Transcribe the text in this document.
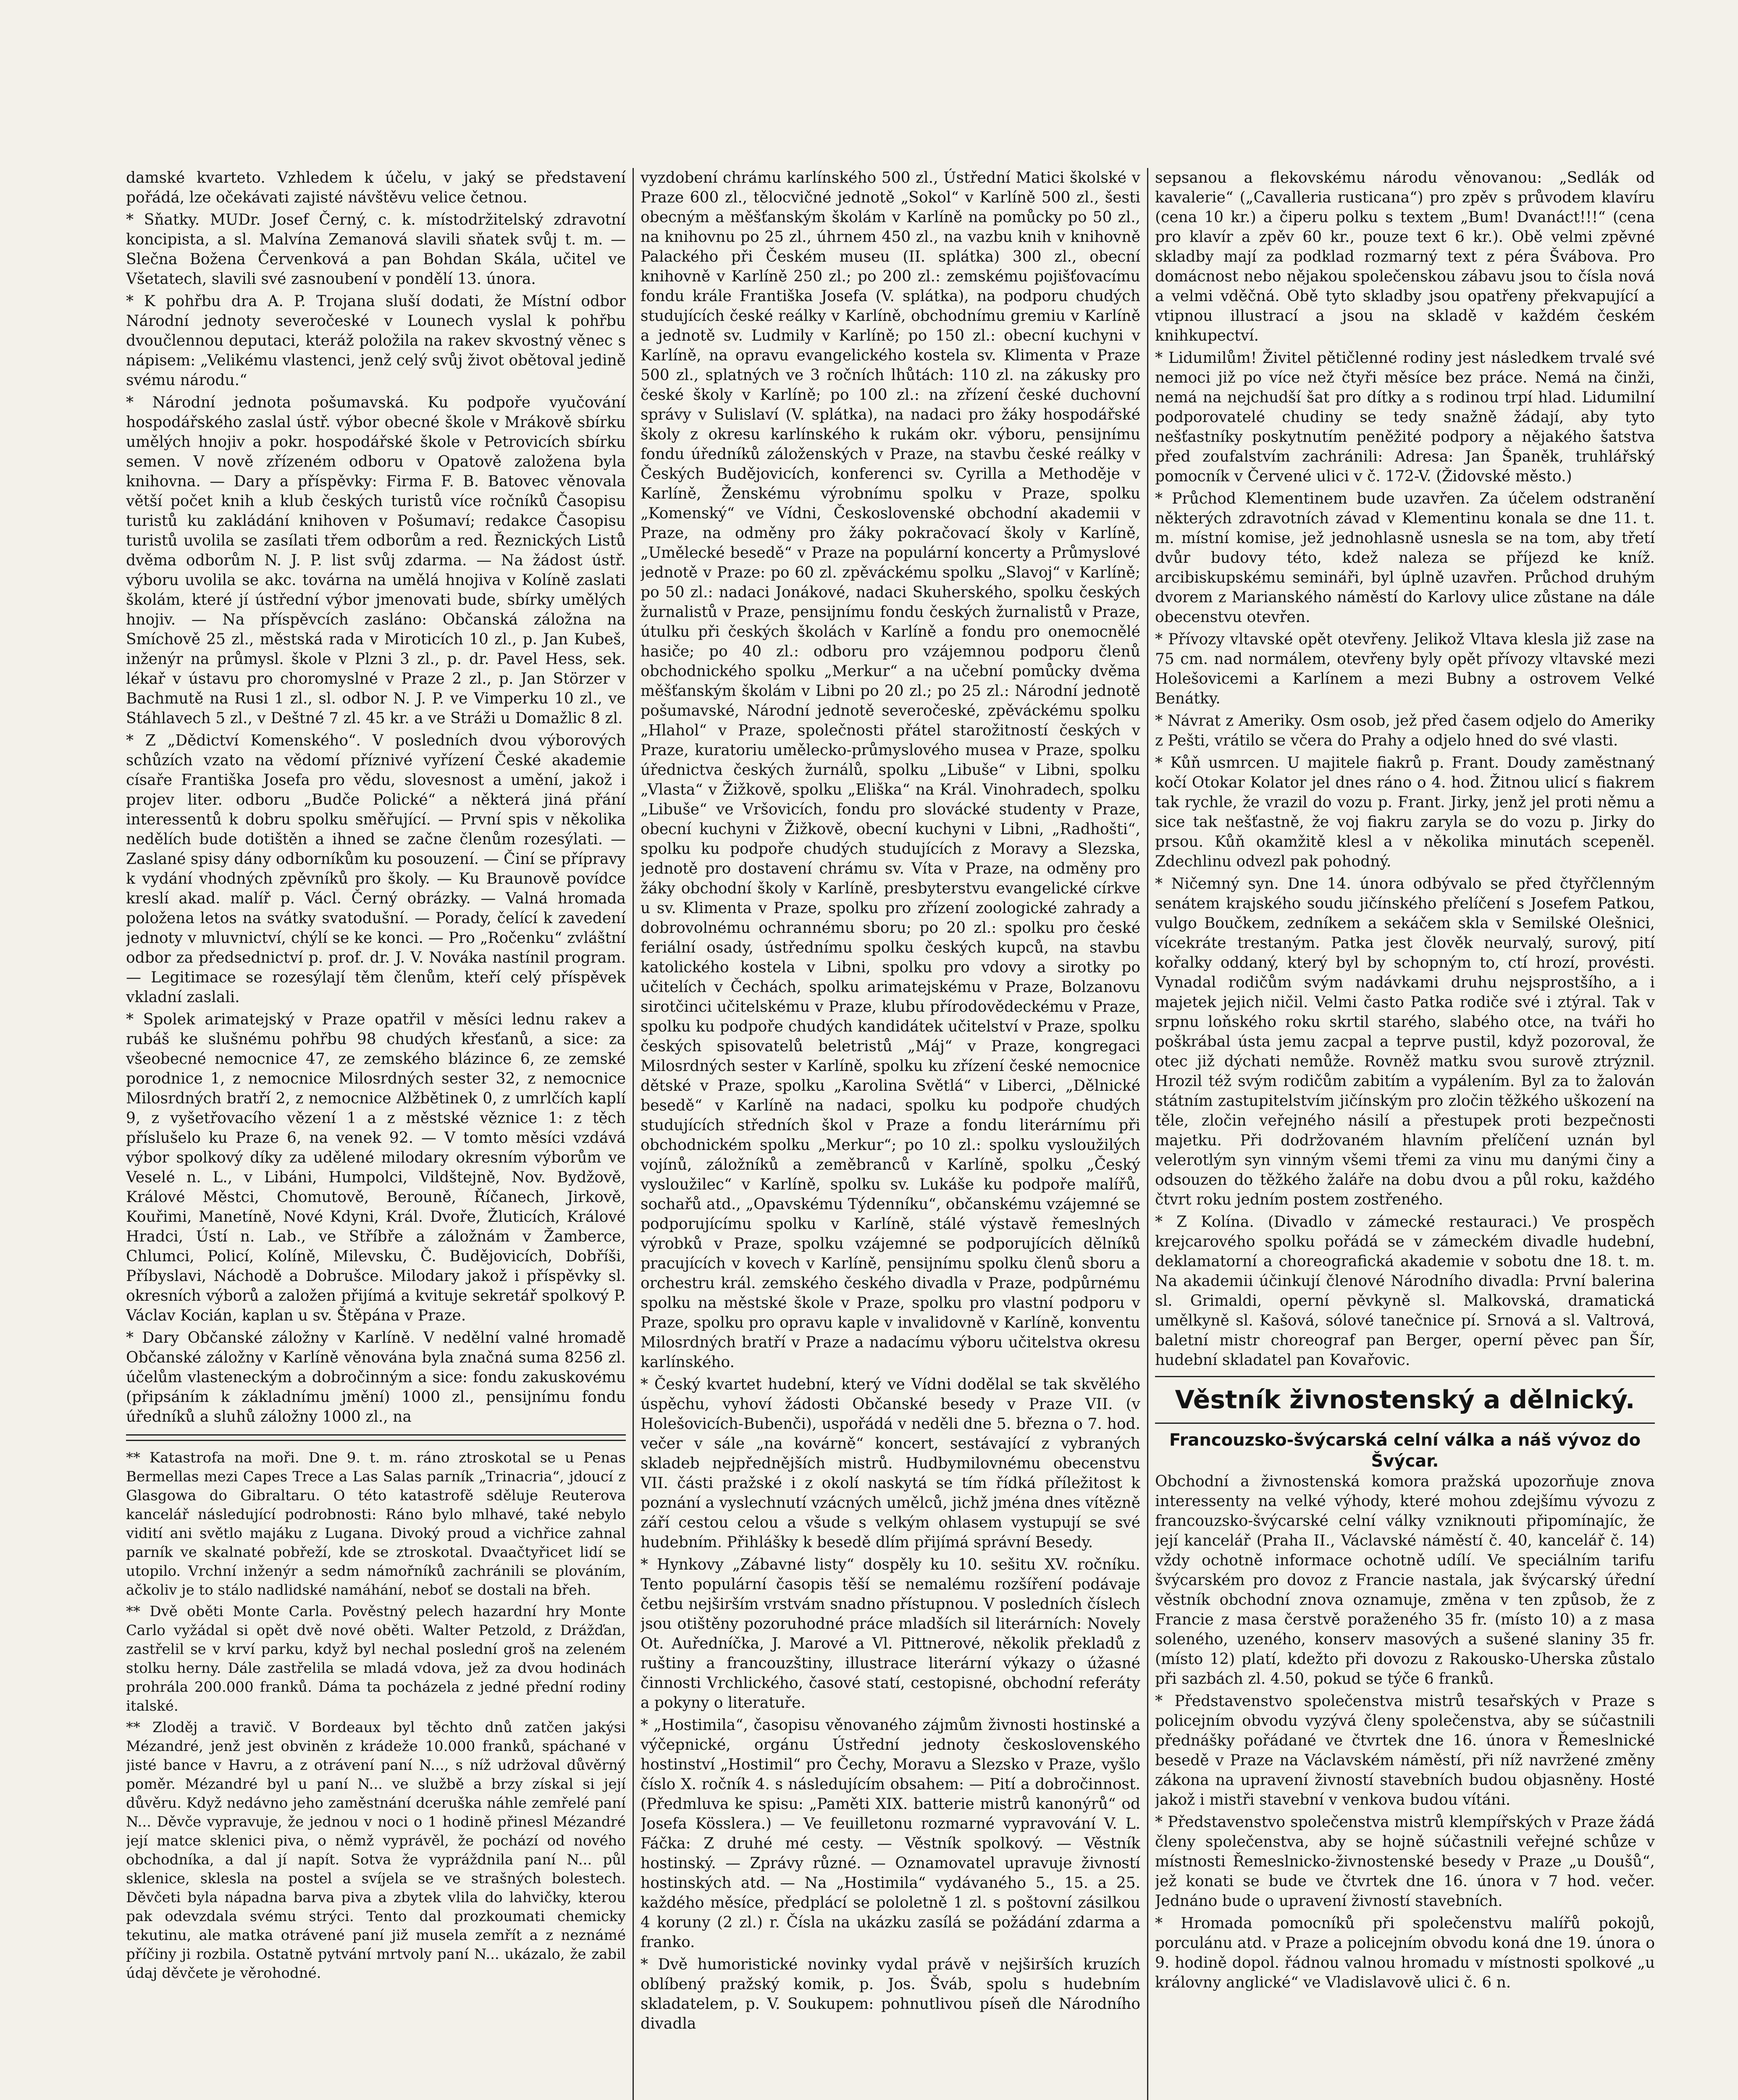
damské kvarteto. Vzhledem k účelu, v jaký se představení pořádá, lze očekávati zajisté návštěvu velice četnou.

* Sňatky. MUDr. Josef Černý, c. k. místodržitelský zdravotní koncipista, a sl. Malvína Zemanová slavili sňatek svůj t. m. — Slečna Božena Červenková a pan Bohdan Skála, učitel ve Všetatech, slavili své zasnoubení v pondělí 13. února.

* K pohřbu dra A. P. Trojana sluší dodati, že Místní odbor Národní jednoty severočeské v Lounech vyslal k pohřbu dvoučlennou deputaci, kteráž položila na rakev skvostný věnec s nápisem: „Velikému vlastenci, jenž celý svůj život obětoval jedině svému národu.“

* Národní jednota pošumavská. Ku podpoře vyučování hospodářského zaslal ústř. výbor obecné škole v Mrákově sbírku umělých hnojiv a pokr. hospodářské škole v Petrovicích sbírku semen. V nově zřízeném odboru v Opatově založena byla knihovna. — Dary a příspěvky: Firma F. B. Batovec věnovala větší počet knih a klub českých turistů více ročníků Časopisu turistů ku zakládání knihoven v Pošumaví; redakce Časopisu turistů uvolila se zasílati třem odborům a red. Řeznických Listů dvěma odborům N. J. P. list svůj zdarma. — Na žádost ústř. výboru uvolila se akc. továrna na umělá hnojiva v Kolíně zaslati školám, které jí ústřední výbor jmenovati bude, sbírky umělých hnojiv. — Na příspěvcích zasláno: Občanská záložna na Smíchově 25 zl., městská rada v Miroticích 10 zl., p. Jan Kubeš, inženýr na průmysl. škole v Plzni 3 zl., p. dr. Pavel Hess, sek. lékař v ústavu pro choromyslné v Praze 2 zl., p. Jan Störzer v Bachmutě na Rusi 1 zl., sl. odbor N. J. P. ve Vimperku 10 zl., ve Stáhlavech 5 zl., v Deštné 7 zl. 45 kr. a ve Stráži u Domažlic 8 zl.

* Z „Dědictví Komenského“. V posledních dvou výborových schůzích vzato na vědomí příznivé vyřízení České akademie císaře Františka Josefa pro vědu, slovesnost a umění, jakož i projev liter. odboru „Budče Polické“ a některá jiná přání interessentů k dobru spolku směřující. — První spis v několika nedělích bude dotištěn a ihned se začne členům rozesýlati. — Zaslané spisy dány odborníkům ku posouzení. — Činí se přípravy k vydání vhodných zpěvníků pro školy. — Ku Braunově povídce kreslí akad. malíř p. Václ. Černý obrázky. — Valná hromada položena letos na svátky svatodušní. — Porady, čelící k zavedení jednoty v mluvnictví, chýlí se ke konci. — Pro „Ročenku“ zvláštní odbor za předsednictví p. prof. dr. J. V. Nováka nastínil program. — Legitimace se rozesýlají těm členům, kteří celý příspěvek vkladní zaslali.

* Spolek arimatejský v Praze opatřil v měsíci lednu rakev a rubáš ke slušnému pohřbu 98 chudých křesťanů, a sice: za všeobecné nemocnice 47, ze zemského blázince 6, ze zemské porodnice 1, z nemocnice Milosrdných sester 32, z nemocnice Milosrdných bratří 2, z nemocnice Alžbětinek 0, z umrlčích kaplí 9, z vyšetřovacího vězení 1 a z městské věznice 1: z těch příslušelo ku Praze 6, na venek 92. — V tomto měsíci vzdává výbor spolkový díky za udělené milodary okresním výborům ve Veselé n. L., v Libáni, Humpolci, Vildštejně, Nov. Bydžově, Králové Městci, Chomutově, Berouně, Říčanech, Jirkově, Kouřimi, Manetíně, Nové Kdyni, Král. Dvoře, Žluticích, Králové Hradci, Ústí n. Lab., ve Stříbře a záložnám v Žamberce, Chlumci, Policí, Kolíně, Milevsku, Č. Budějovicích, Dobříši, Příbyslavi, Náchodě a Dobrušce. Milodary jakož i příspěvky sl. okresních výborů a založen přijímá a kvituje sekretář spolkový P. Václav Kocián, kaplan u sv. Štěpána v Praze.

* Dary Občanské záložny v Karlíně. V nedělní valné hromadě Občanské záložny v Karlíně věnována byla značná suma 8256 zl. účelům vlasteneckým a dobročinným a sice: fondu zakuskovému (připsáním k základnímu jmění) 1000 zl., pensijnímu fondu úředníků a sluhů záložny 1000 zl., na

** Katastrofa na moři. Dne 9. t. m. ráno ztroskotal se u Penas Bermellas mezi Capes Trece a Las Salas parník „Trinacria“, jdoucí z Glasgowa do Gibraltaru. O této katastrofě sděluje Reuterova kancelář následující podrobnosti: Ráno bylo mlhavé, také nebylo vidití ani světlo majáku z Lugana. Divoký proud a vichřice zahnal parník ve skalnaté pobřeží, kde se ztroskotal. Dvaačtyřicet lidí se utopilo. Vrchní inženýr a sedm námořníků zachránili se plováním, ačkoliv je to stálo nadlidské namáhání, neboť se dostali na břeh.

** Dvě oběti Monte Carla. Pověstný pelech hazardní hry Monte Carlo vyžádal si opět dvě nové oběti. Walter Petzold, z Drážďan, zastřelil se v krví parku, když byl nechal poslední groš na zeleném stolku herny. Dále zastřelila se mladá vdova, jež za dvou hodinách prohrála 200.000 franků. Dáma ta pocházela z jedné přední rodiny italské.

** Zloděj a travič. V Bordeaux byl těchto dnů zatčen jakýsi Mézandré, jenž jest obviněn z krádeže 10.000 franků, spáchané v jisté bance v Havru, a z otrávení paní N..., s níž udržoval důvěrný poměr. Mézandré byl u paní N... ve službě a brzy získal si její důvěru. Když nedávno jeho zaměstnání dceruška náhle zemřelé paní N... Děvče vypravuje, že jednou v noci o 1 hodině přinesl Mézandré její matce sklenici piva, o němž vyprávěl, že pochází od nového obchodníka, a dal jí napít. Sotva že vypráždnila paní N... půl sklenice, sklesla na postel a svíjela se ve strašných bolestech. Děvčeti byla nápadna barva piva a zbytek vlila do lahvičky, kterou pak odevzdala svému strýci. Tento dal prozkoumati chemicky tekutinu, ale matka otrávené paní již musela zemřít a z neznámé příčiny ji rozbila. Ostatně pytvání mrtvoly paní N... ukázalo, že zabil údaj děvčete je věrohodné.

vyzdobení chrámu karlínského 500 zl., Ústřední Matici školské v Praze 600 zl., tělocvičné jednotě „Sokol“ v Karlíně 500 zl., šesti obecným a měšťanským školám v Karlíně na pomůcky po 50 zl., na knihovnu po 25 zl., úhrnem 450 zl., na vazbu knih v knihovně Palackého při Českém museu (II. splátka) 300 zl., obecní knihovně v Karlíně 250 zl.; po 200 zl.: zemskému pojišťovacímu fondu krále Františka Josefa (V. splátka), na podporu chudých studujících české reálky v Karlíně, obchodnímu gremiu v Karlíně a jednotě sv. Ludmily v Karlíně; po 150 zl.: obecní kuchyni v Karlíně, na opravu evangelického kostela sv. Klimenta v Praze 500 zl., splatných ve 3 ročních lhůtách: 110 zl. na zákusky pro české školy v Karlíně; po 100 zl.: na zřízení české duchovní správy v Sulislaví (V. splátka), na nadaci pro žáky hospodářské školy z okresu karlínského k rukám okr. výboru, pensijnímu fondu úředníků záloženských v Praze, na stavbu české reálky v Českých Budějovicích, konferenci sv. Cyrilla a Methoděje v Karlíně, Ženskému výrobnímu spolku v Praze, spolku „Komenský“ ve Vídni, Československé obchodní akademii v Praze, na odměny pro žáky pokračovací školy v Karlíně, „Umělecké besedě“ v Praze na populární koncerty a Průmyslové jednotě v Praze: po 60 zl. zpěváckému spolku „Slavoj“ v Karlíně; po 50 zl.: nadaci Jonákové, nadaci Skuherského, spolku českých žurnalistů v Praze, pensijnímu fondu českých žurnalistů v Praze, útulku při českých školách v Karlíně a fondu pro onemocnělé hasiče; po 40 zl.: odboru pro vzájemnou podporu členů obchodnického spolku „Merkur“ a na učební pomůcky dvěma měšťanským školám v Libni po 20 zl.; po 25 zl.: Národní jednotě pošumavské, Národní jednotě severočeské, zpěváckému spolku „Hlahol“ v Praze, společnosti přátel starožitností českých v Praze, kuratoriu umělecko-průmyslového musea v Praze, spolku úřednictva českých žurnálů, spolku „Libuše“ v Libni, spolku „Vlasta“ v Žižkově, spolku „Eliška“ na Král. Vinohradech, spolku „Libuše“ ve Vršovicích, fondu pro slovácké studenty v Praze, obecní kuchyni v Žižkově, obecní kuchyni v Libni, „Radhošti“, spolku ku podpoře chudých studujících z Moravy a Slezska, jednotě pro dostavení chrámu sv. Víta v Praze, na odměny pro žáky obchodní školy v Karlíně, presbyterstvu evangelické církve u sv. Klimenta v Praze, spolku pro zřízení zoologické zahrady a dobrovolnému ochrannému sboru; po 20 zl.: spolku pro české feriální osady, ústřednímu spolku českých kupců, na stavbu katolického kostela v Libni, spolku pro vdovy a sirotky po učitelích v Čechách, spolku arimatejskému v Praze, Bolzanovu sirotčinci učitelskému v Praze, klubu přírodovědeckému v Praze, spolku ku podpoře chudých kandidátek učitelství v Praze, spolku českých spisovatelů beletristů „Máj“ v Praze, kongregaci Milosrdných sester v Karlíně, spolku ku zřízení české nemocnice dětské v Praze, spolku „Karolina Světlá“ v Liberci, „Dělnické besedě“ v Karlíně na nadaci, spolku ku podpoře chudých studujících středních škol v Praze a fondu literárnímu při obchodnickém spolku „Merkur“; po 10 zl.: spolku vysloužilých vojínů, záložníků a zeměbranců v Karlíně, spolku „Český vysloužilec“ v Karlíně, spolku sv. Lukáše ku podpoře malířů, sochařů atd., „Opavskému Týdenníku“, občanskému vzájemné se podporujícímu spolku v Karlíně, stálé výstavě řemeslných výrobků v Praze, spolku vzájemné se podporujících dělníků pracujících v kovech v Karlíně, pensijnímu spolku členů sboru a orchestru král. zemského českého divadla v Praze, podpůrnému spolku na městské škole v Praze, spolku pro vlastní podporu v Praze, spolku pro opravu kaple v invalidovně v Karlíně, konventu Milosrdných bratří v Praze a nadacímu výboru učitelstva okresu karlínského.

* Český kvartet hudební, který ve Vídni dodělal se tak skvělého úspěchu, vyhoví žádosti Občanské besedy v Praze VII. (v Holešovicích-Bubenči), uspořádá v neděli dne 5. března o 7. hod. večer v sále „na kovárně“ koncert, sestávající z vybraných skladeb nejpřednějších mistrů. Hudbymilovnému obecenstvu VII. části pražské i z okolí naskytá se tím řídká příležitost k poznání a vyslechnutí vzácných umělců, jichž jména dnes vítězně září cestou celou a všude s velkým ohlasem vystupují se své hudebním. Přihlášky k besedě dlím přijímá správní Besedy.

* Hynkovy „Zábavné listy“ dospěly ku 10. sešitu XV. ročníku. Tento populární časopis těší se nemalému rozšíření podávaje četbu nejširším vrstvám snadno přístupnou. V posledních číslech jsou otištěny pozoruhodné práce mladších sil literárních: Novely Ot. Auředníčka, J. Marové a Vl. Pittnerové, několik překladů z ruštiny a francouzštiny, illustrace literární výkazy o úžasné činnosti Vrchlického, časové statí, cestopisné, obchodní referáty a pokyny o literatuře.

* „Hostimila“, časopisu věnovaného zájmům živnosti hostinské a výčepnické, orgánu Ústřední jednoty československého hostinství „Hostimil“ pro Čechy, Moravu a Slezsko v Praze, vyšlo číslo X. ročník 4. s následujícím obsahem: — Pití a dobročinnost. (Předmluva ke spisu: „Paměti XIX. batterie mistrů kanonýrů“ od Josefa Kösslera.) — Ve feuilletonu rozmarné vypravování V. L. Fáčka: Z druhé mé cesty. — Věstník spolkový. — Věstník hostinský. — Zprávy různé. — Oznamovatel upravuje živností hostinských atd. — Na „Hostimila“ vydávaného 5., 15. a 25. každého měsíce, předplácí se pololetně 1 zl. s poštovní zásilkou 4 koruny (2 zl.) r. Čísla na ukázku zasílá se požádání zdarma a franko.

* Dvě humoristické novinky vydal právě v nejširších kruzích oblíbený pražský komik, p. Jos. Šváb, spolu s hudebním skladatelem, p. V. Soukupem: pohnutlivou píseň dle Národního divadla

sepsanou a flekovskému národu věnovanou: „Sedlák od kavalerie“ („Cavalleria rusticana“) pro zpěv s průvodem klavíru (cena 10 kr.) a čiperu polku s textem „Bum! Dvanáct!!!“ (cena pro klavír a zpěv 60 kr., pouze text 6 kr.). Obě velmi zpěvné skladby mají za podklad rozmarný text z péra Švábova. Pro domácnost nebo nějakou společenskou zábavu jsou to čísla nová a velmi vděčná. Obě tyto skladby jsou opatřeny překvapující a vtipnou illustrací a jsou na skladě v každém českém knihkupectví.

* Lidumilům! Živitel pětičlenné rodiny jest následkem trvalé své nemoci již po více než čtyři měsíce bez práce. Nemá na činži, nemá na nejchudší šat pro dítky a s rodinou trpí hlad. Lidumilní podporovatelé chudiny se tedy snažně žádají, aby tyto nešťastníky poskytnutím peněžité podpory a nějakého šatstva před zoufalstvím zachránili: Adresa: Jan Španěk, truhlářský pomocník v Červené ulici v č. 172-V. (Židovské město.)

* Průchod Klementinem bude uzavřen. Za účelem odstranění některých zdravotních závad v Klementinu konala se dne 11. t. m. místní komise, jež jednohlasně usnesla se na tom, aby třetí dvůr budovy této, kdež naleza se příjezd ke kníž. arcibiskupskému semináři, byl úplně uzavřen. Průchod druhým dvorem z Marianského náměstí do Karlovy ulice zůstane na dále obecenstvu otevřen.

* Přívozy vltavské opět otevřeny. Jelikož Vltava klesla již zase na 75 cm. nad normálem, otevřeny byly opět přívozy vltavské mezi Holešovicemi a Karlínem a mezi Bubny a ostrovem Velké Benátky.

* Návrat z Ameriky. Osm osob, jež před časem odjelo do Ameriky z Pešti, vrátilo se včera do Prahy a odjelo hned do své vlasti.

* Kůň usmrcen. U majitele fiakrů p. Frant. Doudy zaměstnaný kočí Otokar Kolator jel dnes ráno o 4. hod. Žitnou ulicí s fiakrem tak rychle, že vrazil do vozu p. Frant. Jirky, jenž jel proti němu a sice tak nešťastně, že voj fiakru zaryla se do vozu p. Jirky do prsou. Kůň okamžitě klesl a v několika minutách scepeněl. Zdechlinu odvezl pak pohodný.

* Ničemný syn. Dne 14. února odbývalo se před čtyřčlenným senátem krajského soudu jičínského přelíčení s Josefem Patkou, vulgo Boučkem, zedníkem a sekáčem skla v Semilské Olešnici, vícekráte trestaným. Patka jest člověk neurvalý, surový, pití kořalky oddaný, který byl by schopným to, ctí hrozí, provésti. Vynadal rodičům svým nadávkami druhu nejsprostšího, a i majetek jejich ničil. Velmi často Patka rodiče své i ztýral. Tak v srpnu loňského roku skrtil starého, slabého otce, na tváři ho poškrábal ústa jemu zacpal a teprve pustil, když pozoroval, že otec již dýchati nemůže. Rovněž matku svou surově ztrýznil. Hrozil též svým rodičům zabitím a vypálením. Byl za to žalován státním zastupitelstvím jičínským pro zločin těžkého uškození na těle, zločin veřejného násilí a přestupek proti bezpečnosti majetku. Při dodržovaném hlavním přelíčení uznán byl velerotlým syn vinným všemi třemi za vinu mu danými činy a odsouzen do těžkého žaláře na dobu dvou a půl roku, každého čtvrt roku jedním postem zostřeného.

* Z Kolína. (Divadlo v zámecké restauraci.) Ve prospěch krejcarového spolku pořádá se v zámeckém divadle hudební, deklamatorní a choreografická akademie v sobotu dne 18. t. m. Na akademii účinkují členové Národního divadla: První balerina sl. Grimaldi, operní pěvkyně sl. Malkovská, dramatická umělkyně sl. Kašová, sólové tanečnice pí. Srnová a sl. Valtrová, baletní mistr choreograf pan Berger, operní pěvec pan Šír, hudební skladatel pan Kovařovic.

Věstník živnostenský a dělnický.
Francouzsko-švýcarská celní válka a náš vývoz do Švýcar.

Obchodní a živnostenská komora pražská upozorňuje znova interessenty na velké výhody, které mohou zdejšímu vývozu z francouzsko-švýcarské celní války vzniknouti připomínajíc, že její kancelář (Praha II., Václavské náměstí č. 40, kancelář č. 14) vždy ochotně informace ochotně udílí. Ve speciálním tarifu švýcarském pro dovoz z Francie nastala, jak švýcarský úřední věstník obchodní znova oznamuje, změna v ten způsob, že z Francie z masa čerstvě poraženého 35 fr. (místo 10) a z masa soleného, uzeného, konserv masových a sušené slaniny 35 fr. (místo 12) platí, kdežto při dovozu z Rakousko-Uherska zůstalo při sazbách zl. 4.50, pokud se týče 6 franků.

* Představenstvo společenstva mistrů tesařských v Praze s policejním obvodu vyzývá členy společenstva, aby se súčastnili přednášky pořádané ve čtvrtek dne 16. února v Řemeslnické besedě v Praze na Václavském náměstí, při níž navržené změny zákona na upravení živností stavebních budou objasněny. Hosté jakož i mistři stavební v venkova budou vítáni.

* Představenstvo společenstva mistrů klempířských v Praze žádá členy společenstva, aby se hojně súčastnili veřejné schůze v místnosti Řemeslnicko-živnostenské besedy v Praze „u Doušů“, jež konati se bude ve čtvrtek dne 16. února v 7 hod. večer. Jednáno bude o upravení živností stavebních.

* Hromada pomocníků při společenstvu malířů pokojů, porculánu atd. v Praze a policejním obvodu koná dne 19. února o 9. hodině dopol. řádnou valnou hromadu v místnosti spolkové „u královny anglické“ ve Vladislavově ulici č. 6 n.
